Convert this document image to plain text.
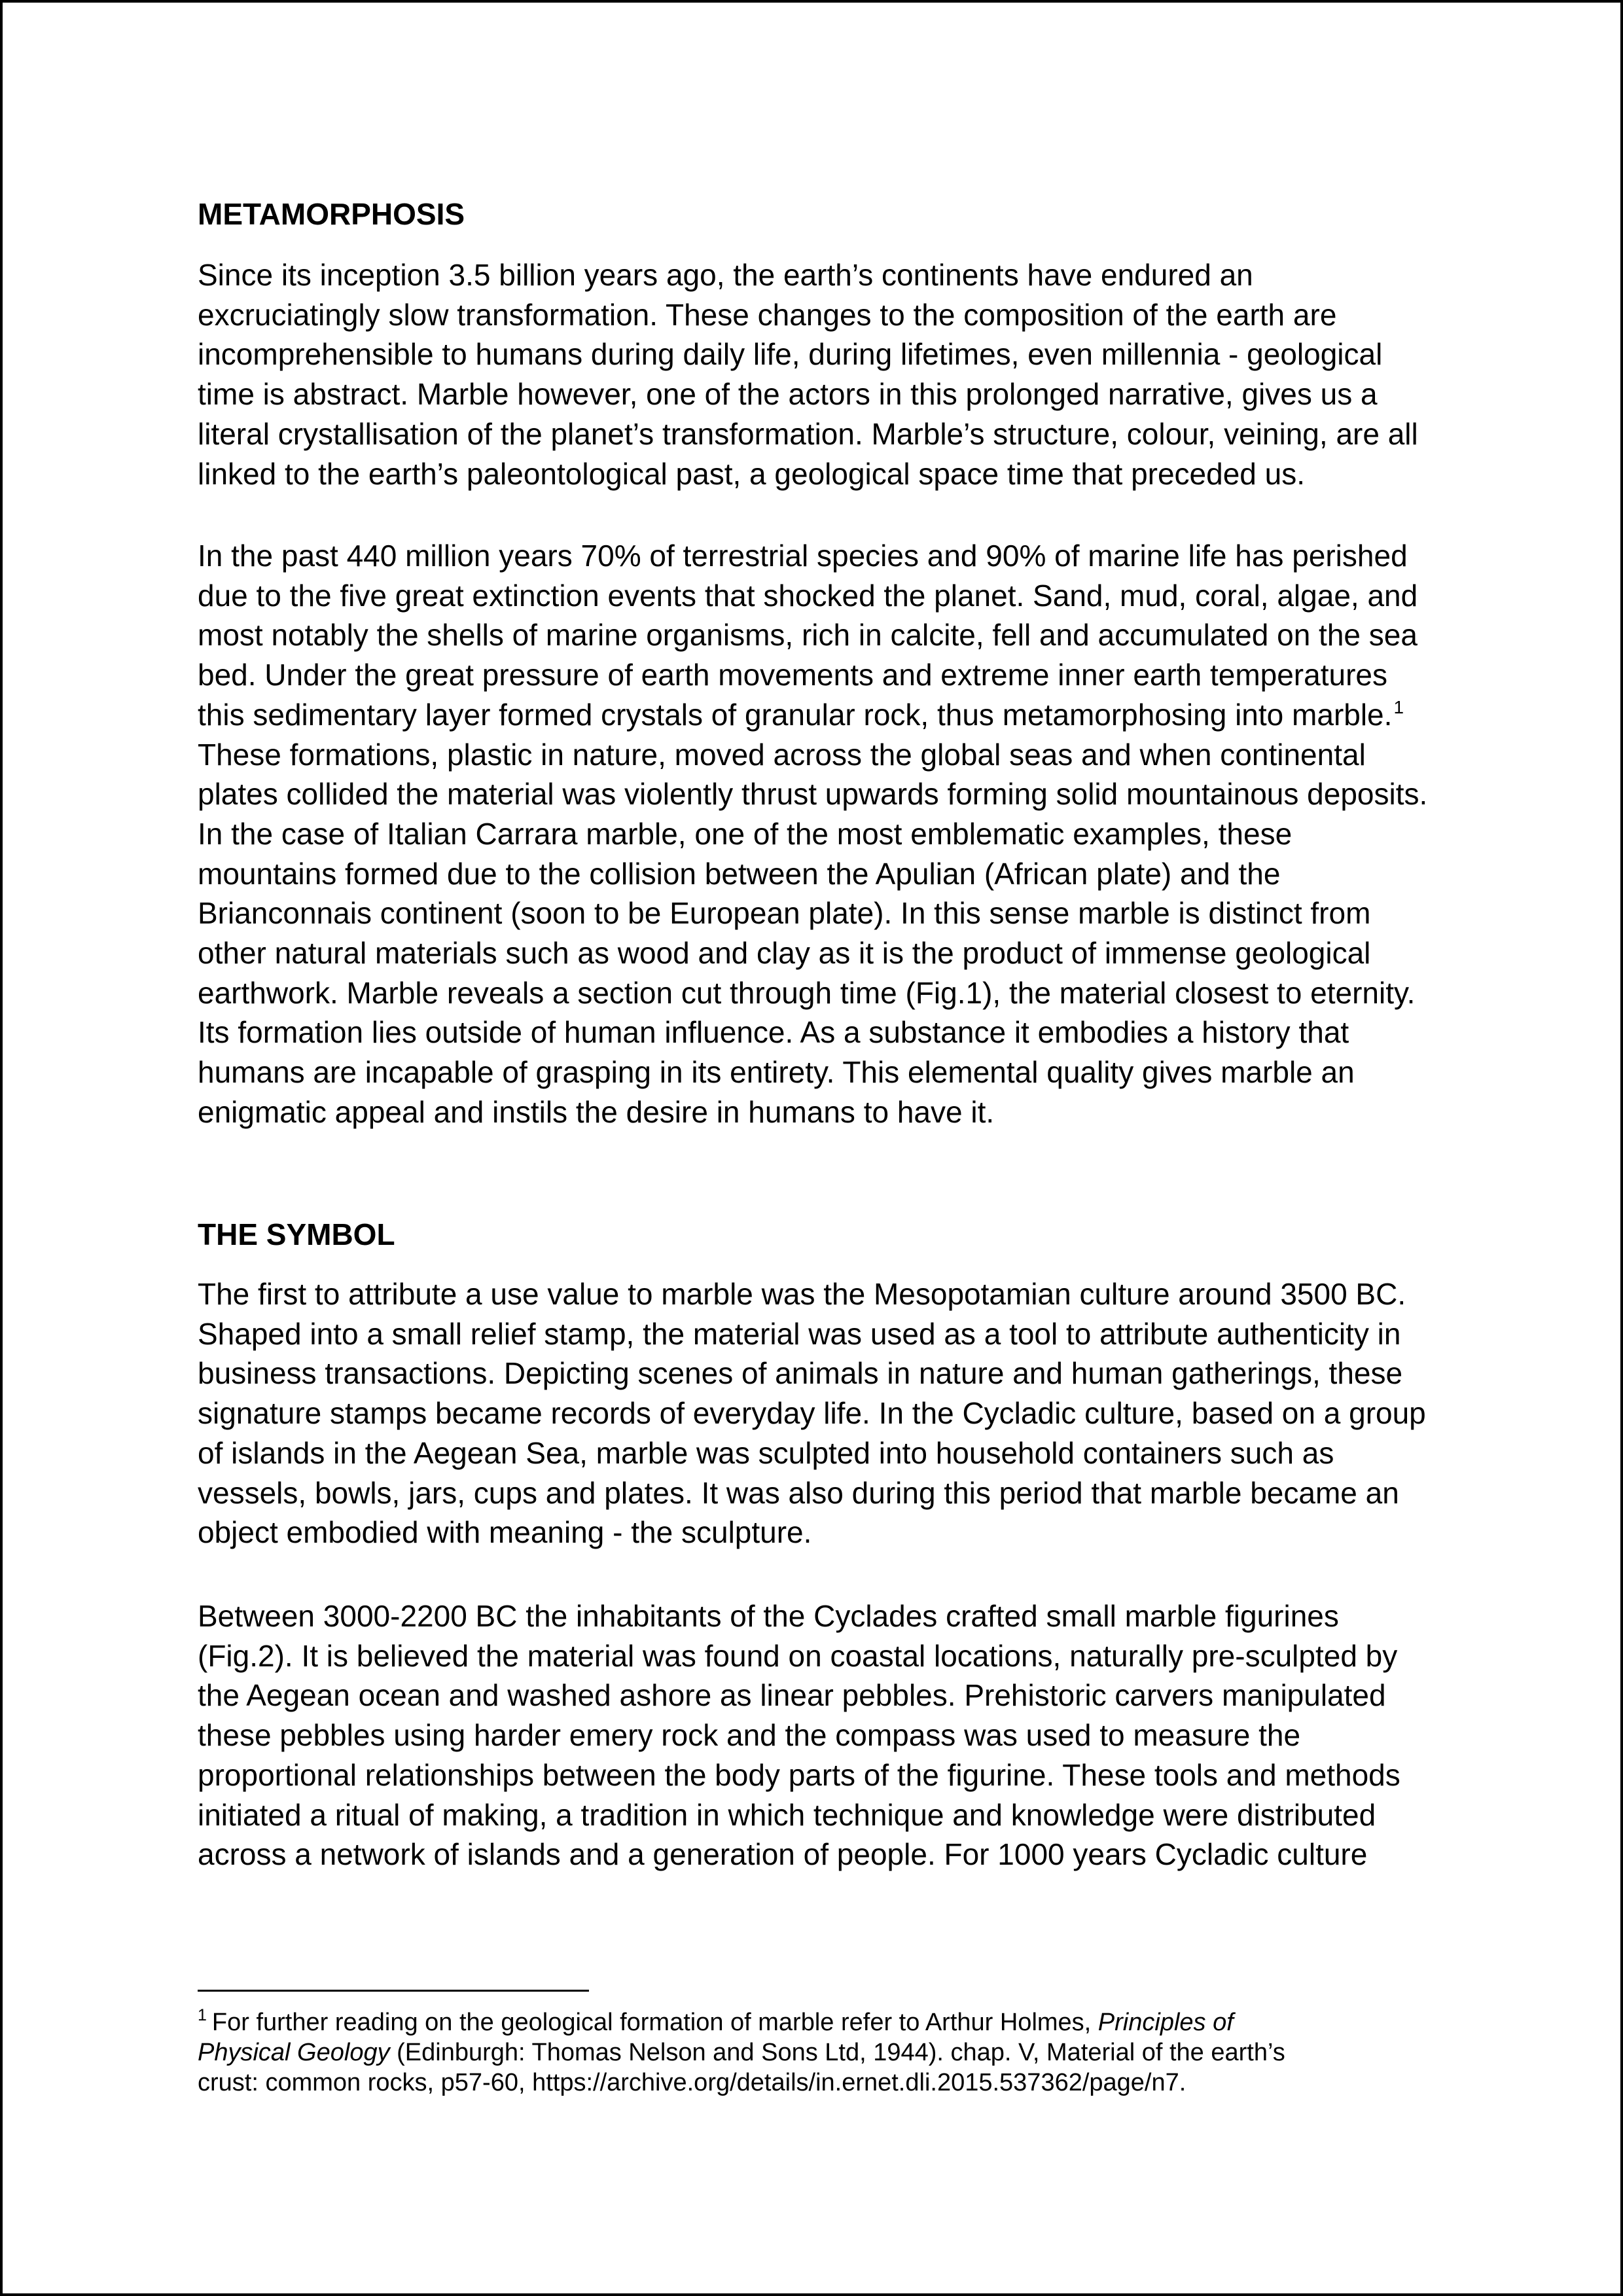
METAMORPHOSIS

Since its inception 3.5 billion years ago, the earth’s continents have endured an
excruciatingly slow transformation. These changes to the composition of the earth are
incomprehensible to humans during daily life, during lifetimes, even millennia - geological
time is abstract. Marble however, one of the actors in this prolonged narrative, gives us a
literal crystallisation of the planet’s transformation. Marble’s structure, colour, veining, are all
linked to the earth’s paleontological past, a geological space time that preceded us.

In the past 440 million years 70% of terrestrial species and 90% of marine life has perished
due to the five great extinction events that shocked the planet. Sand, mud, coral, algae, and
most notably the shells of marine organisms, rich in calcite, fell and accumulated on the sea
bed. Under the great pressure of earth movements and extreme inner earth temperatures
this sedimentary layer formed crystals of granular rock, thus metamorphosing into marble.$^1$
These formations, plastic in nature, moved across the global seas and when continental
plates collided the material was violently thrust upwards forming solid mountainous deposits.
In the case of Italian Carrara marble, one of the most emblematic examples, these
mountains formed due to the collision between the Apulian (African plate) and the
Brianconnais continent (soon to be European plate). In this sense marble is distinct from
other natural materials such as wood and clay as it is the product of immense geological
earthwork. Marble reveals a section cut through time (Fig.1), the material closest to eternity.
Its formation lies outside of human influence. As a substance it embodies a history that
humans are incapable of grasping in its entirety. This elemental quality gives marble an
enigmatic appeal and instils the desire in humans to have it.

THE SYMBOL

The first to attribute a use value to marble was the Mesopotamian culture around 3500 BC.
Shaped into a small relief stamp, the material was used as a tool to attribute authenticity in
business transactions. Depicting scenes of animals in nature and human gatherings, these
signature stamps became records of everyday life. In the Cycladic culture, based on a group
of islands in the Aegean Sea, marble was sculpted into household containers such as
vessels, bowls, jars, cups and plates. It was also during this period that marble became an
object embodied with meaning - the sculpture.

Between 3000-2200 BC the inhabitants of the Cyclades crafted small marble figurines
(Fig.2). It is believed the material was found on coastal locations, naturally pre-sculpted by
the Aegean ocean and washed ashore as linear pebbles. Prehistoric carvers manipulated
these pebbles using harder emery rock and the compass was used to measure the
proportional relationships between the body parts of the figurine. These tools and methods
initiated a ritual of making, a tradition in which technique and knowledge were distributed
across a network of islands and a generation of people. For 1000 years Cycladic culture

$^1$ For further reading on the geological formation of marble refer to Arthur Holmes, Principles of
Physical Geology (Edinburgh: Thomas Nelson and Sons Ltd, 1944). chap. V, Material of the earth’s
crust: common rocks, p57-60, https://archive.org/details/in.ernet.dli.2015.537362/page/n7.
